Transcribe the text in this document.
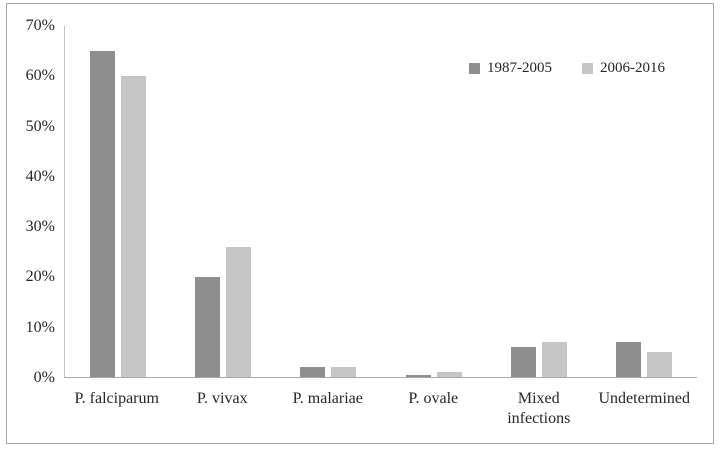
0%
10%
20%
30%
40%
50%
60%
70%
1987-2005	2006-2016
P. falciparum	P. vivax	P. malariae	P. ovale	Mixed infections
Undetermined
